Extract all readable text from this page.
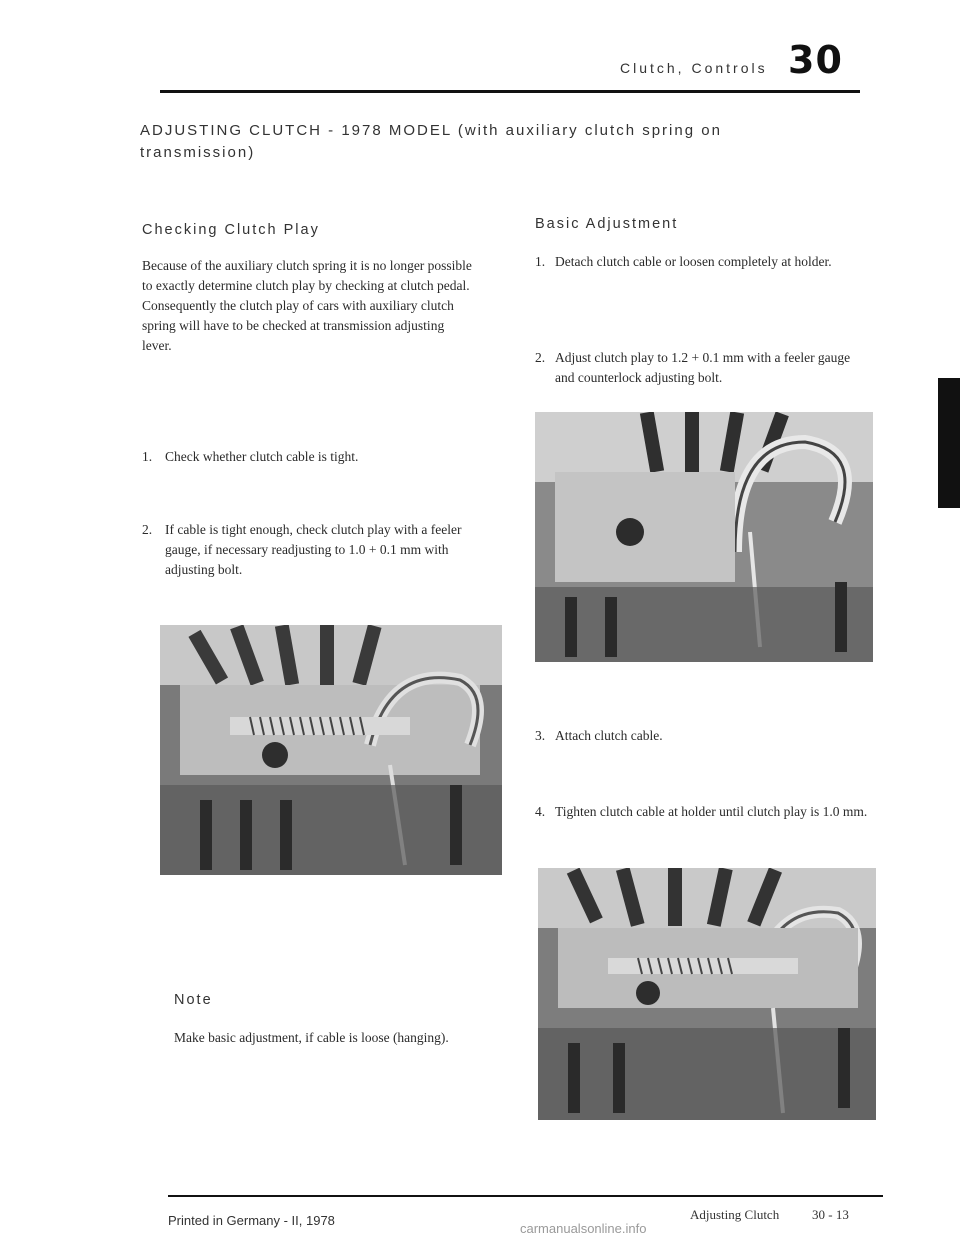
Clutch, Controls 30
ADJUSTING CLUTCH - 1978 MODEL (with auxiliary clutch spring on transmission)
Checking Clutch Play
Because of the auxiliary clutch spring it is no longer possible to exactly determine clutch play by checking at clutch pedal. Consequently the clutch play of cars with auxiliary clutch spring will have to be checked at transmission adjusting lever.
1. Check whether clutch cable is tight.
2. If cable is tight enough, check clutch play with a feeler gauge, if necessary readjusting to 1.0 + 0.1 mm with adjusting bolt.
Note
Make basic adjustment, if cable is loose (hanging).
Basic Adjustment
1. Detach clutch cable or loosen completely at holder.
2. Adjust clutch play to 1.2 + 0.1 mm with a feeler gauge and counterlock adjusting bolt.
3. Attach clutch cable.
4. Tighten clutch cable at holder until clutch play is 1.0 mm.
Printed in Germany - II, 1978	Adjusting Clutch	30 - 13
carmanualsonline.info
